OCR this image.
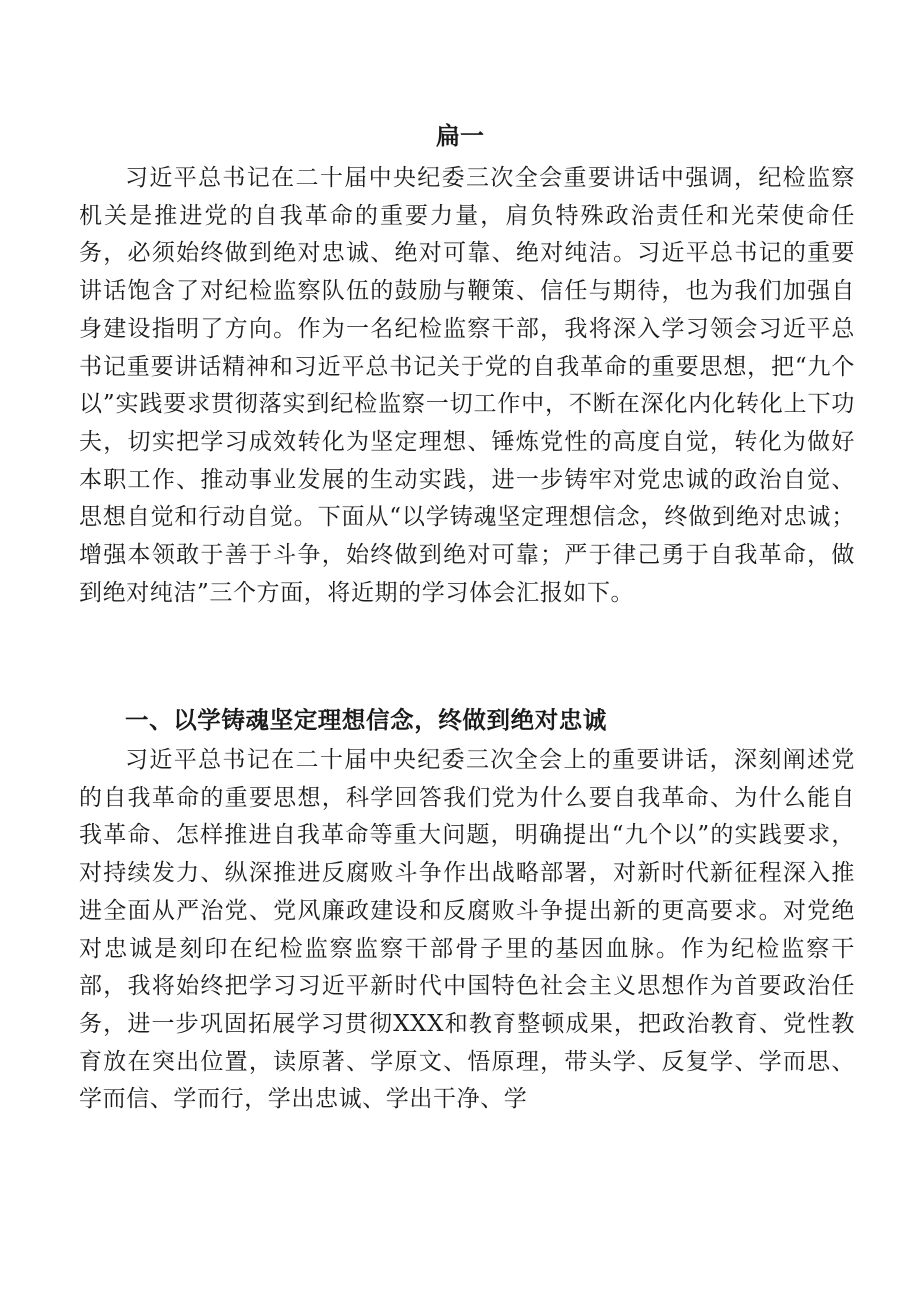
扁一

习近平总书记在二十届中央纪委三次全会重要讲话中强调，纪检监察机关是推进党的自我革命的重要力量，肩负特殊政治责任和光荣使命任务，必须始终做到绝对忠诚、绝对可靠、绝对纯洁。习近平总书记的重要讲话饱含了对纪检监察队伍的鼓励与鞭策、信任与期待，也为我们加强自身建设指明了方向。作为一名纪检监察干部，我将深入学习领会习近平总书记重要讲话精神和习近平总书记关于党的自我革命的重要思想，把“九个以”实践要求贯彻落实到纪检监察一切工作中，不断在深化内化转化上下功夫，切实把学习成效转化为坚定理想、锤炼党性的高度自觉，转化为做好本职工作、推动事业发展的生动实践，进一步铸牢对党忠诚的政治自觉、思想自觉和行动自觉。下面从“以学铸魂坚定理想信念，终做到绝对忠诚；增强本领敢于善于斗争，始终做到绝对可靠；严于律己勇于自我革命，做到绝对纯洁”三个方面，将近期的学习体会汇报如下。

一、以学铸魂坚定理想信念，终做到绝对忠诚

习近平总书记在二十届中央纪委三次全会上的重要讲话，深刻阐述党的自我革命的重要思想，科学回答我们党为什么要自我革命、为什么能自我革命、怎样推进自我革命等重大问题，明确提出“九个以”的实践要求，对持续发力、纵深推进反腐败斗争作出战略部署，对新时代新征程深入推进全面从严治党、党风廉政建设和反腐败斗争提出新的更高要求。对党绝对忠诚是刻印在纪检监察监察干部骨子里的基因血脉。作为纪检监察干部，我将始终把学习习近平新时代中国特色社会主义思想作为首要政治任务，进一步巩固拓展学习贯彻XXX和教育整顿成果，把政治教育、党性教育放在突出位置，读原著、学原文、悟原理，带头学、反复学、学而思、学而信、学而行，学出忠诚、学出干净、学
